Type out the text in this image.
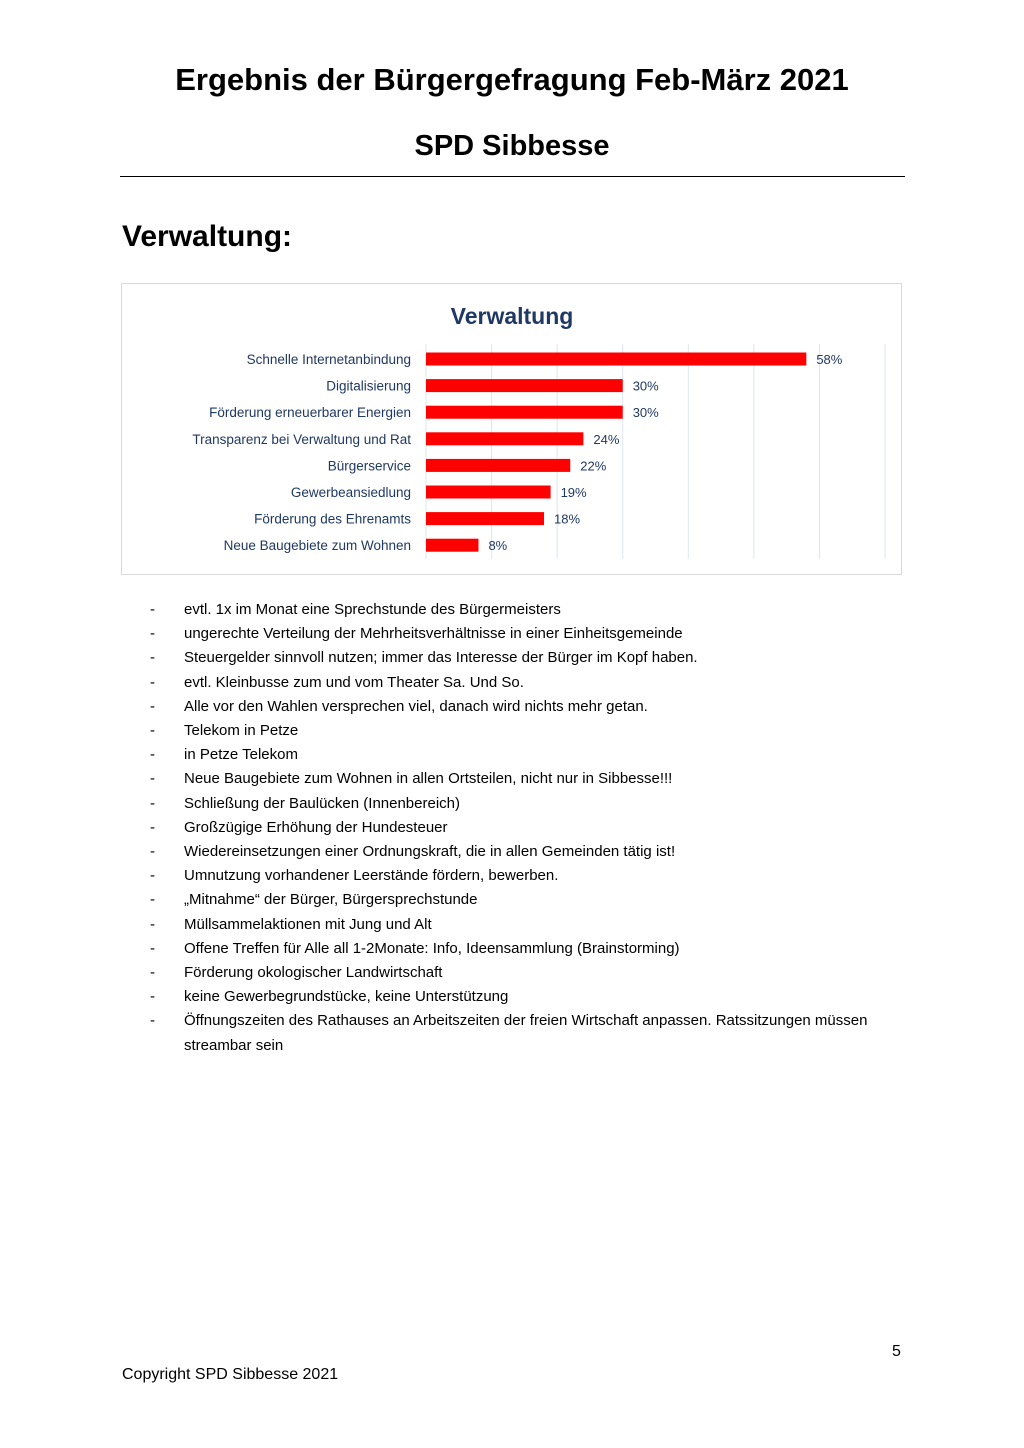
Ergebnis der Bürgergefragung Feb-März 2021
SPD Sibbesse
Verwaltung:
Verwaltung
Schnelle Internetanbindung
Digitalisierung
Förderung erneuerbarer Energien
Transparenz bei Verwaltung und Rat
Bürgerservice
Gewerbeansiedlung
Förderung des Ehrenamts
Neue Baugebiete zum Wohnen
58%
30%
30%
24%
22%
19%
18%
8%
- evtl. 1x im Monat eine Sprechstunde des Bürgermeisters
- ungerechte Verteilung der Mehrheitsverhältnisse in einer Einheitsgemeinde
- Steuergelder sinnvoll nutzen; immer das Interesse der Bürger im Kopf haben.
- evtl. Kleinbusse zum und vom Theater Sa. Und So.
- Alle vor den Wahlen versprechen viel, danach wird nichts mehr getan.
- Telekom in Petze
- in Petze Telekom
- Neue Baugebiete zum Wohnen in allen Ortsteilen, nicht nur in Sibbesse!!!
- Schließung der Baulücken (Innenbereich)
- Großzügige Erhöhung der Hundesteuer
- Wiedereinsetzungen einer Ordnungskraft, die in allen Gemeinden tätig ist!
- Umnutzung vorhandener Leerstände fördern, bewerben.
- „Mitnahme“ der Bürger, Bürgersprechstunde
- Müllsammelaktionen mit Jung und Alt
- Offene Treffen für Alle all 1-2Monate: Info, Ideensammlung (Brainstorming)
- Förderung okologischer Landwirtschaft
- keine Gewerbegrundstücke, keine Unterstützung
- Öffnungszeiten des Rathauses an Arbeitszeiten der freien Wirtschaft anpassen. Ratssitzungen müssen streambar sein
5
Copyright SPD Sibbesse 2021
